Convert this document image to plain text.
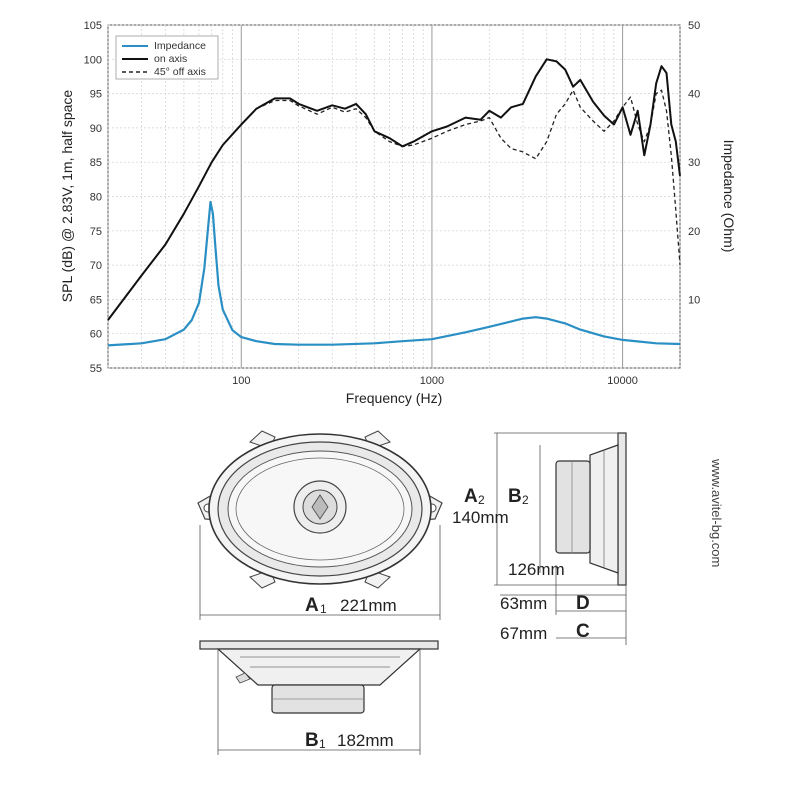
55
60
65
70
75
80
85
90
95
100
105
10
20
30
40
50
100	1000	10000
Impedance
on axis
45° off axis
Frequency (Hz)
SPL (dB) @ 2.83V, 1m, half space	Impedance (Ohm)
A 1 221mm
B 1 182mm
A 2
140mm
B 2
126mm
63mm D
67mm C
www.avitel-bg.com
